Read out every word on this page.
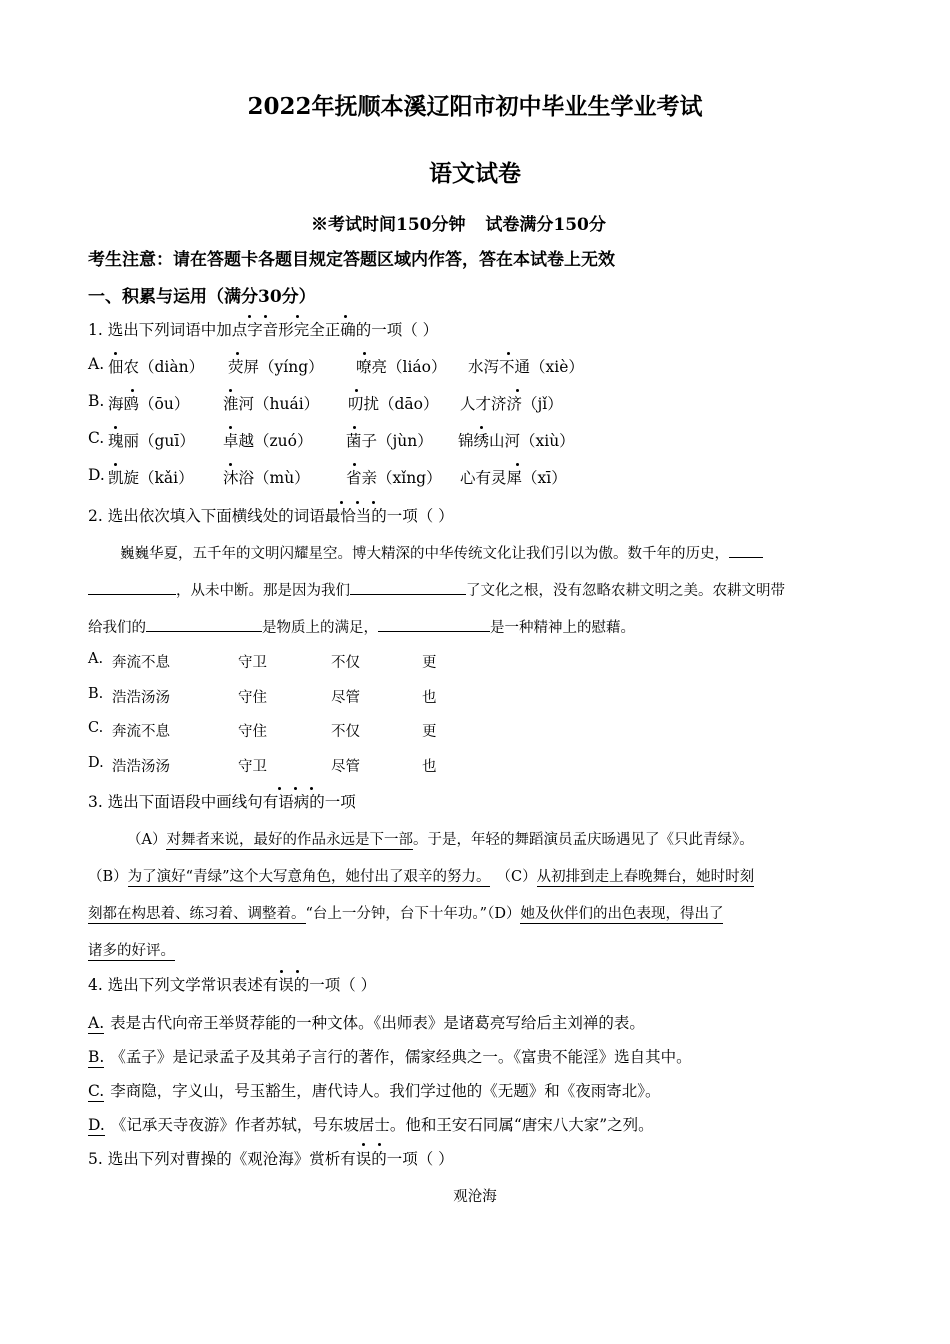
2022年抚顺本溪辽阳市初中毕业生学业考试
语文试卷
※考试时间150分钟 试卷满分150分
考生注意：请在答题卡各题目规定答题区域内作答，答在本试卷上无效
一、积累与运用（满分30分）
1. 选出下列词语中加点字音形完全正确的一项（ ）
A. 佃农（diàn） 荧屏（yíng） 嘹亮（liáo） 水泻不通（xiè）
B. 海鸥（ōu） 淮河（huái） 叨扰（dāo） 人才济济（jǐ）
C. 瑰丽（guī） 卓越（zuó） 菌子（jùn） 锦绣山河（xiù）
D. 凯旋（kǎi） 沐浴（mù） 省亲（xǐng） 心有灵犀（xī）
2. 选出依次填入下面横线处的词语最恰当的一项（ ）
巍巍华夏，五千年的文明闪耀星空。博大精深的中华传统文化让我们引以为傲。数千年的历史，
，从未中断。那是因为我们	了文化之根，没有忽略农耕文明之美。农耕文明带
给我们的	是物质上的满足，	是一种精神上的慰藉。
A. 奔流不息	守卫	不仅	更
B. 浩浩汤汤	守住	尽管	也
C. 奔流不息	守住	不仅	更
D. 浩浩汤汤	守卫	尽管	也
3. 选出下面语段中画线句有语病的一项
（A）对舞者来说，最好的作品永远是下一部。于是，年轻的舞蹈演员孟庆旸遇见了《只此青绿》。
（B）为了演好“青绿”这个大写意角色，她付出了艰辛的努力。 （C）从初排到走上春晚舞台，她时时刻
刻都在构思着、练习着、调整着。“台上一分钟，台下十年功。”（D）她及伙伴们的出色表现，得出了
诸多的好评。
4. 选出下列文学常识表述有误的一项（ ）
A. 表是古代向帝王举贤荐能的一种文体。《出师表》是诸葛亮写给后主刘禅的表。
B. 《孟子》是记录孟子及其弟子言行的著作，儒家经典之一。《富贵不能淫》选自其中。
C. 李商隐，字义山，号玉豁生，唐代诗人。我们学过他的《无题》和《夜雨寄北》。
D. 《记承天寺夜游》作者苏轼，号东坡居士。他和王安石同属“唐宋八大家”之列。
5. 选出下列对曹操的《观沧海》赏析有误的一项（ ）
观沧海
